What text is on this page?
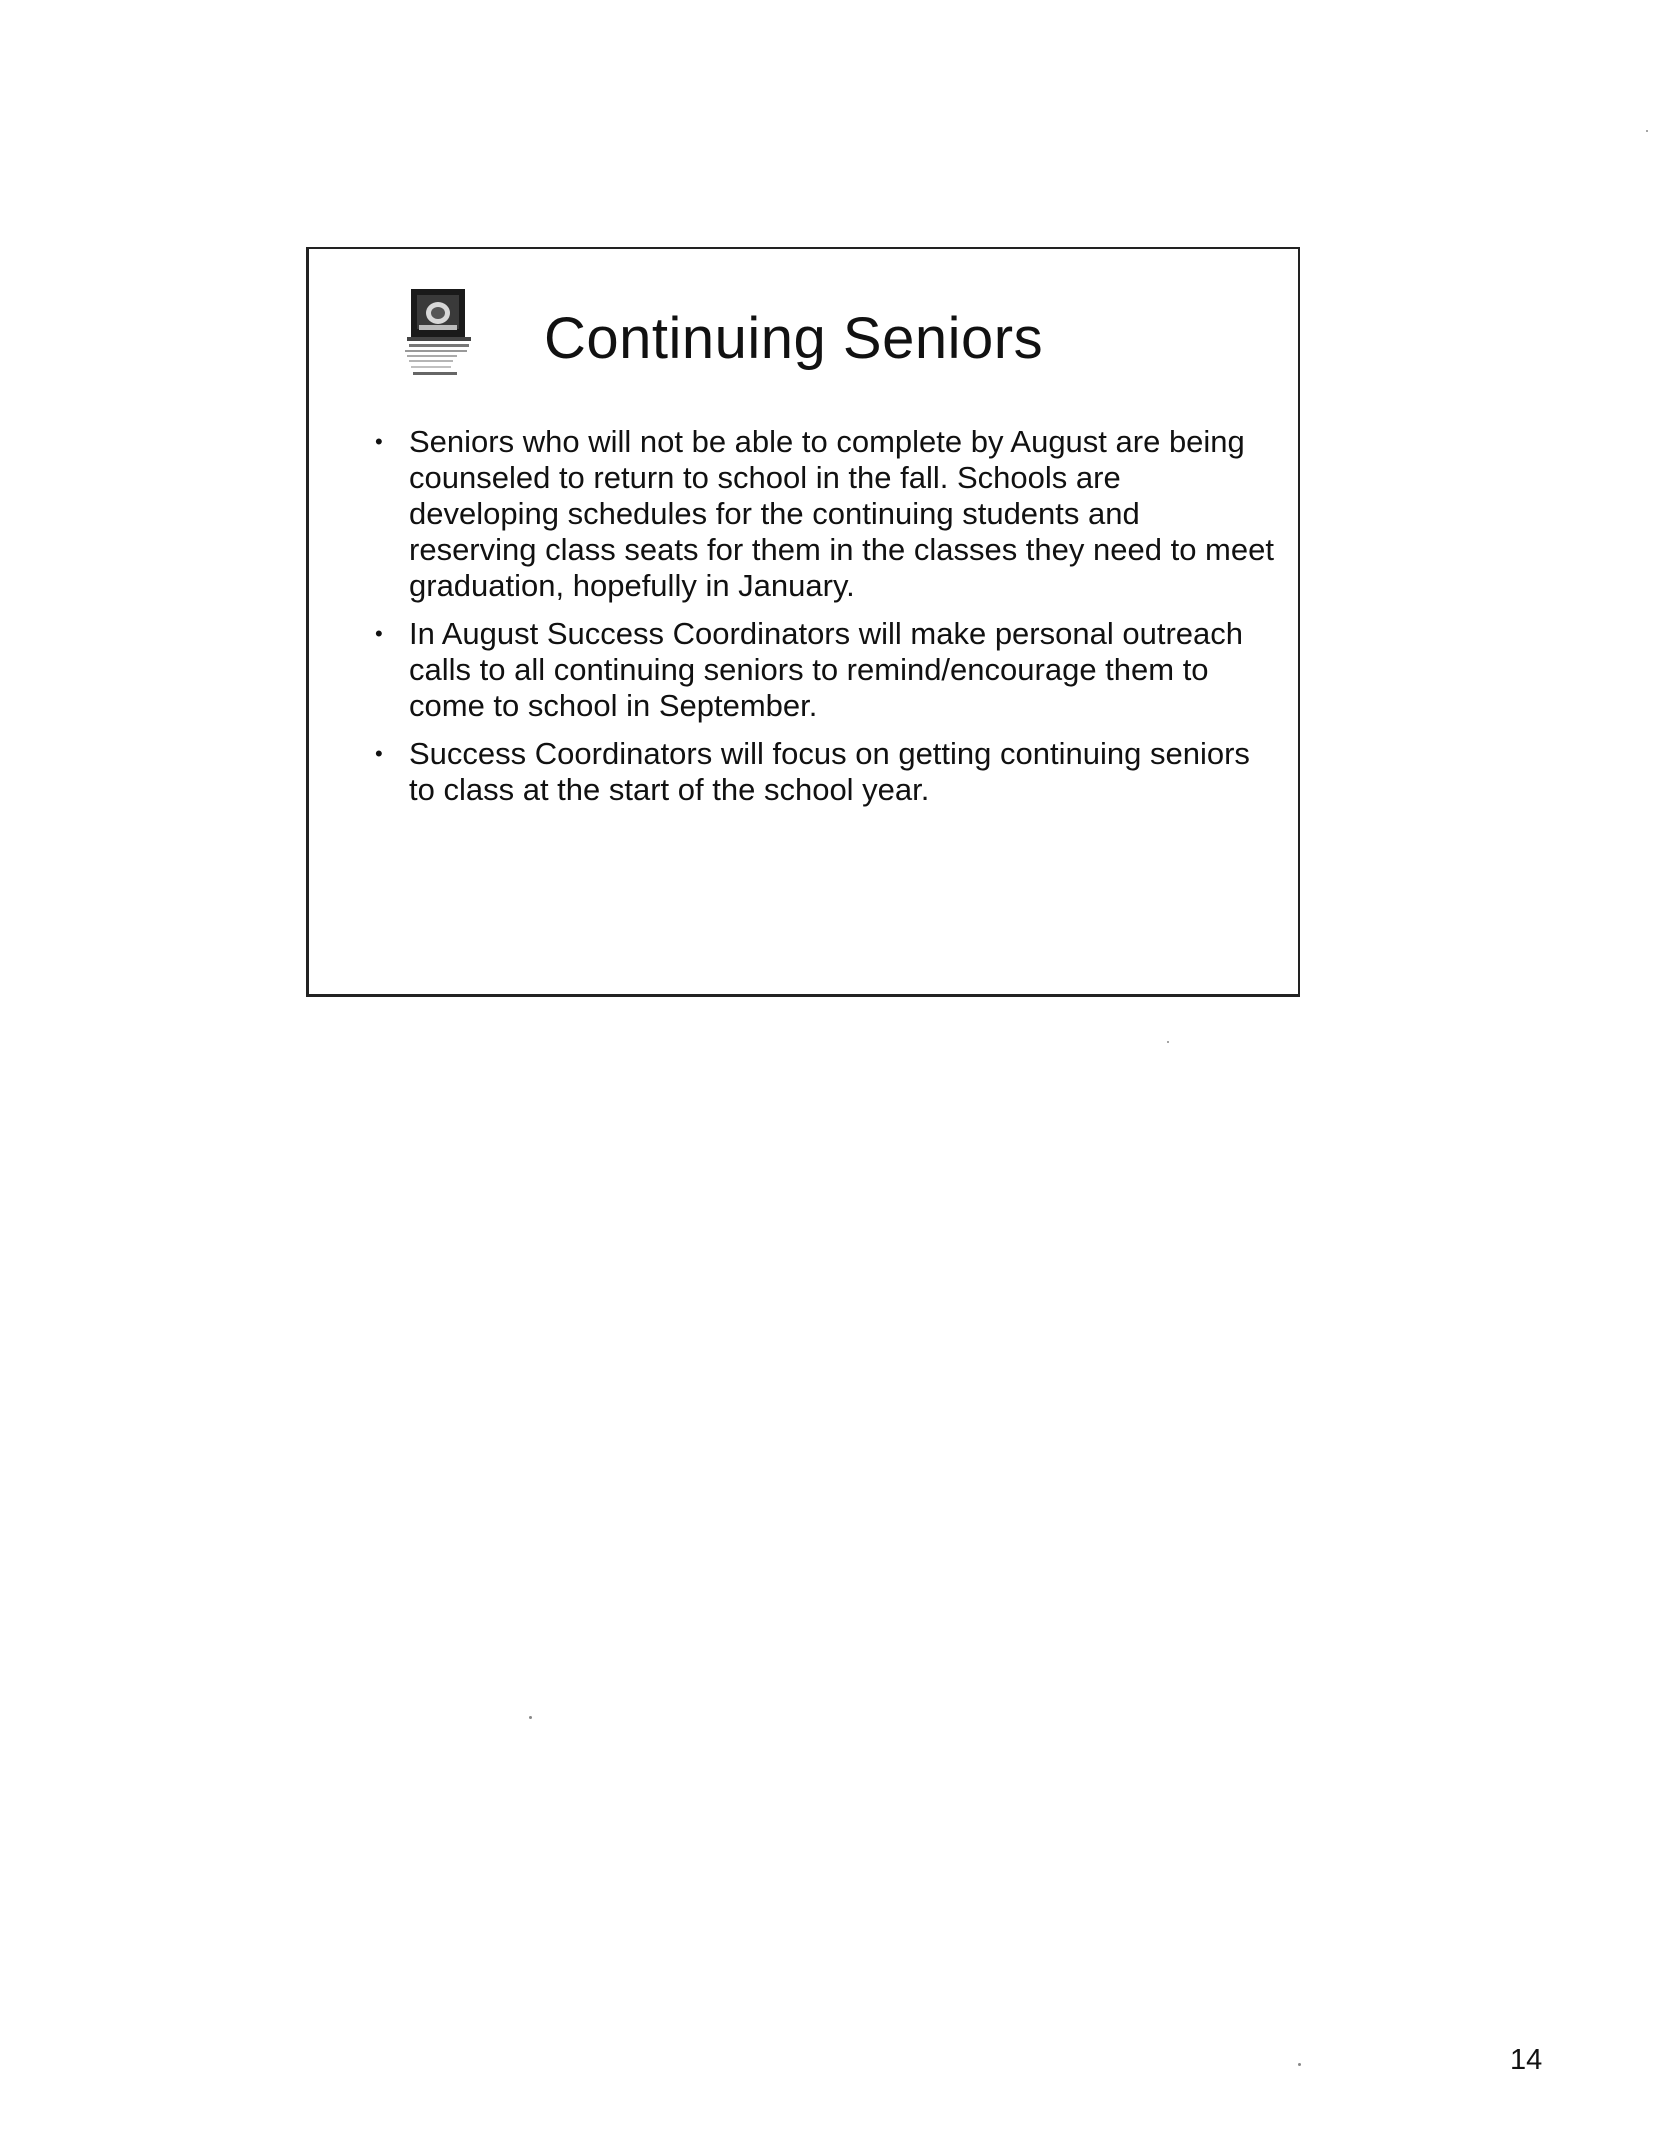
Continuing Seniors
• Seniors who will not be able to complete by August are being counseled to return to school in the fall. Schools are developing schedules for the continuing students and reserving class seats for them in the classes they need to meet graduation, hopefully in January.
• In August Success Coordinators will make personal outreach calls to all continuing seniors to remind/encourage them to come to school in September.
• Success Coordinators will focus on getting continuing seniors to class at the start of the school year.
14
